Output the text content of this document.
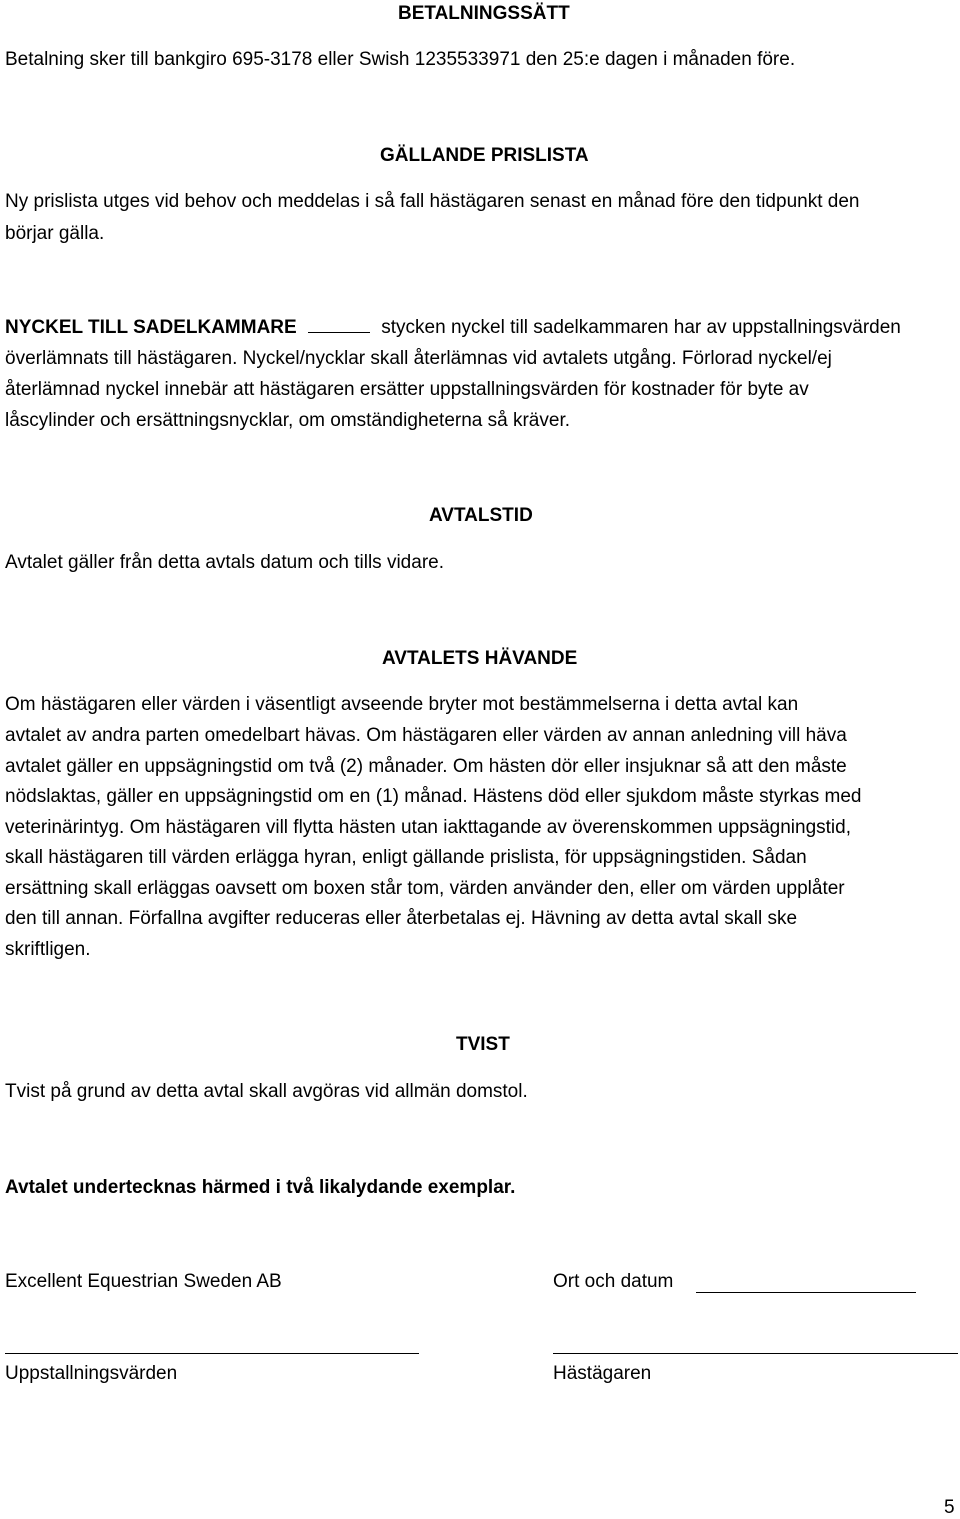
BETALNINGSSÄTT
Betalning sker till bankgiro 695-3178 eller Swish 1235533971 den 25:e dagen i månaden före.
GÄLLANDE PRISLISTA
Ny prislista utges vid behov och meddelas i så fall hästägaren senast en månad före den tidpunkt den
börjar gälla.
NYCKEL TILL SADELKAMMARE	stycken nyckel till sadelkammaren har av uppstallningsvärden
överlämnats till hästägaren. Nyckel/nycklar skall återlämnas vid avtalets utgång. Förlorad nyckel/ej
återlämnad nyckel innebär att hästägaren ersätter uppstallningsvärden för kostnader för byte av
låscylinder och ersättningsnycklar, om omständigheterna så kräver.
AVTALSTID
Avtalet gäller från detta avtals datum och tills vidare.
AVTALETS HÄVANDE
Om hästägaren eller värden i väsentligt avseende bryter mot bestämmelserna i detta avtal kan
avtalet av andra parten omedelbart hävas. Om hästägaren eller värden av annan anledning vill häva
avtalet gäller en uppsägningstid om två (2) månader. Om hästen dör eller insjuknar så att den måste
nödslaktas, gäller en uppsägningstid om en (1) månad. Hästens död eller sjukdom måste styrkas med
veterinärintyg. Om hästägaren vill flytta hästen utan iakttagande av överenskommen uppsägningstid,
skall hästägaren till värden erlägga hyran, enligt gällande prislista, för uppsägningstiden. Sådan
ersättning skall erläggas oavsett om boxen står tom, värden använder den, eller om värden upplåter
den till annan. Förfallna avgifter reduceras eller återbetalas ej. Hävning av detta avtal skall ske
skriftligen.
TVIST
Tvist på grund av detta avtal skall avgöras vid allmän domstol.
Avtalet undertecknas härmed i två likalydande exemplar.
Excellent Equestrian Sweden AB	Ort och datum
Uppstallningsvärden	Hästägaren
5
